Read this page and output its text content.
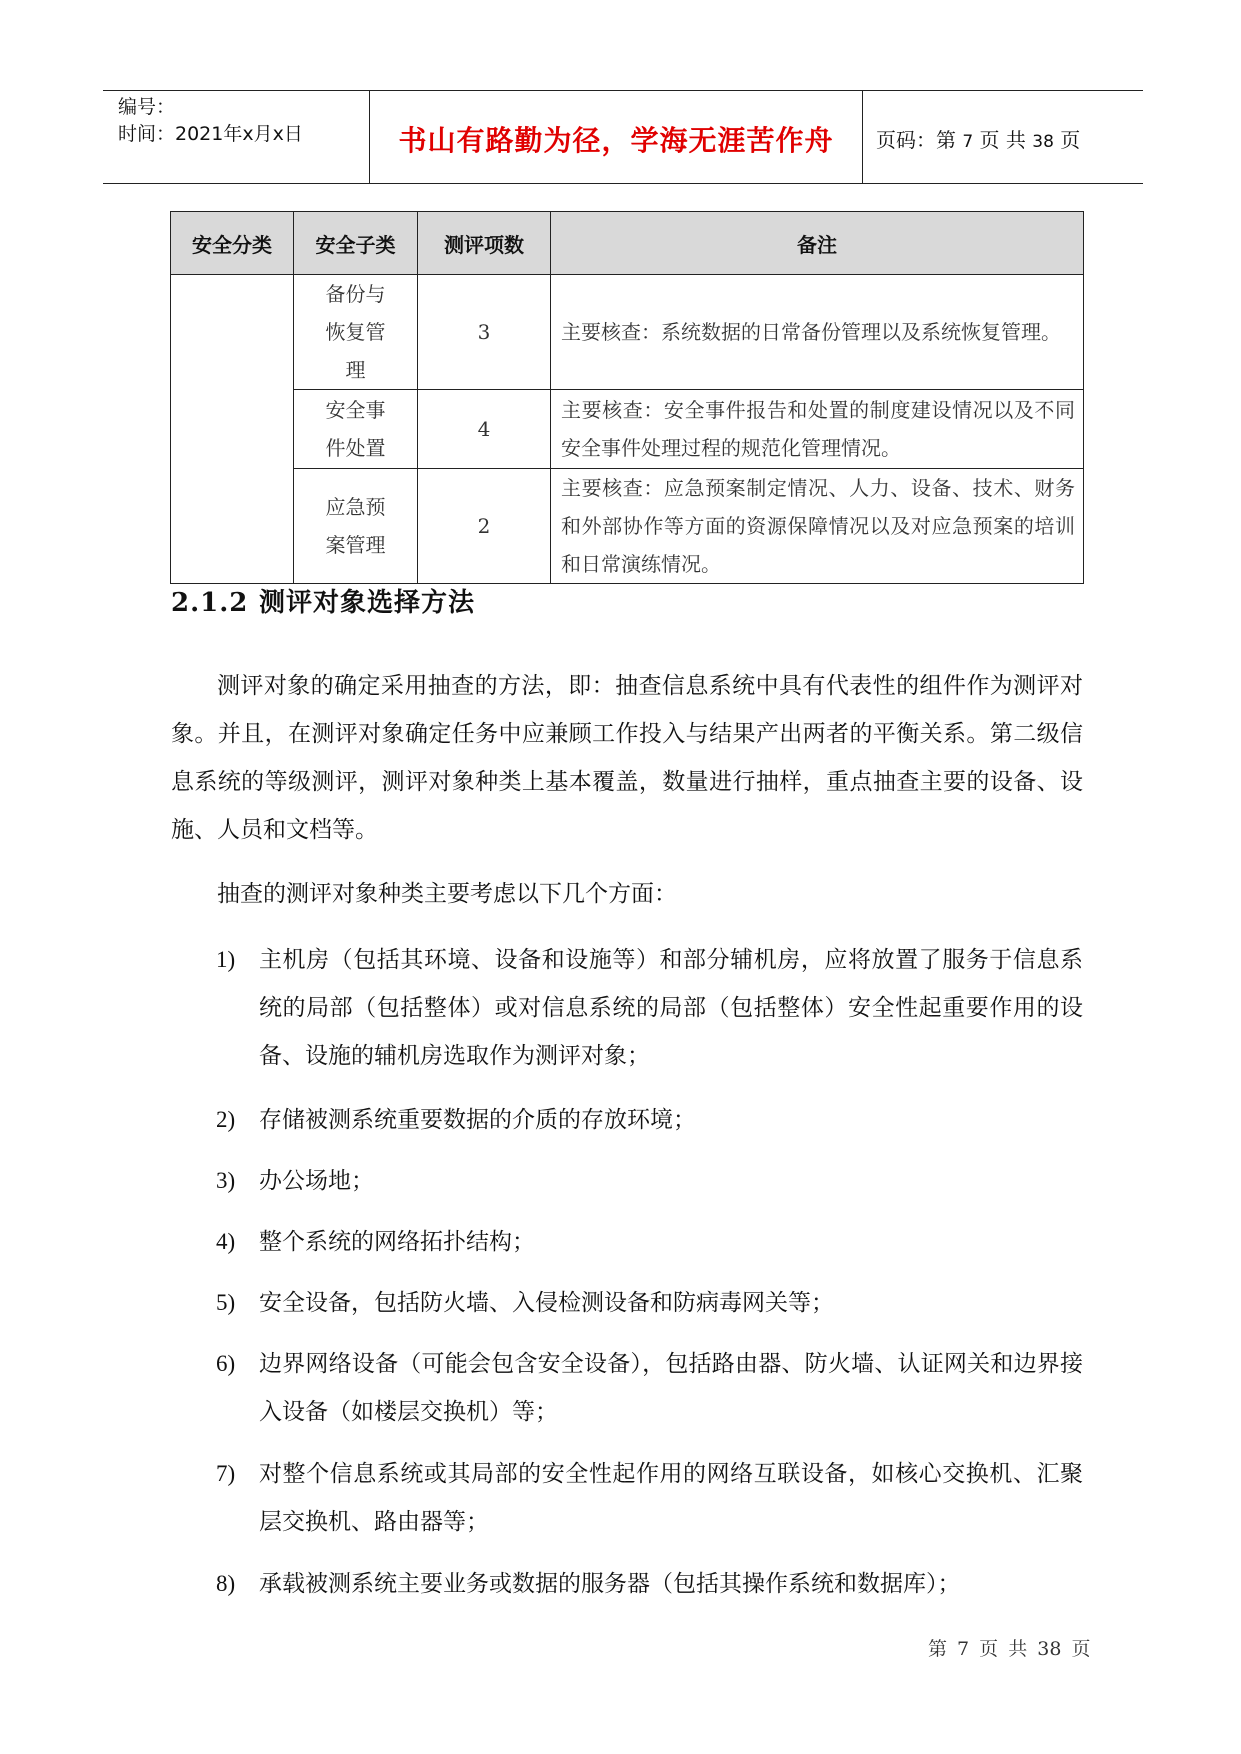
编号：
时间：2021年x月x日	书山有路勤为径，学海无涯苦作舟	页码：第 7 页 共 38 页
安全分类	安全子类	测评项数	备注
	备份与恢复管理	3	主要核查：系统数据的日常备份管理以及系统恢复管理。
	安全事件处置	4	主要核查：安全事件报告和处置的制度建设情况以及不同安全事件处理过程的规范化管理情况。
	应急预案管理	2	主要核查：应急预案制定情况、人力、设备、技术、财务和外部协作等方面的资源保障情况以及对应急预案的培训和日常演练情况。
2.1.2 测评对象选择方法

测评对象的确定采用抽查的方法，即：抽查信息系统中具有代表性的组件作为测评对象。并且，在测评对象确定任务中应兼顾工作投入与结果产出两者的平衡关系。第二级信息系统的等级测评，测评对象种类上基本覆盖，数量进行抽样，重点抽查主要的设备、设施、人员和文档等。

抽查的测评对象种类主要考虑以下几个方面：

1) 主机房（包括其环境、设备和设施等）和部分辅机房，应将放置了服务于信息系统的局部（包括整体）或对信息系统的局部（包括整体）安全性起重要作用的设备、设施的辅机房选取作为测评对象；
2) 存储被测系统重要数据的介质的存放环境；
3) 办公场地；
4) 整个系统的网络拓扑结构；
5) 安全设备，包括防火墙、入侵检测设备和防病毒网关等；
6) 边界网络设备（可能会包含安全设备），包括路由器、防火墙、认证网关和边界接入设备（如楼层交换机）等；
7) 对整个信息系统或其局部的安全性起作用的网络互联设备，如核心交换机、汇聚层交换机、路由器等；
8) 承载被测系统主要业务或数据的服务器（包括其操作系统和数据库）；
第 7 页 共 38 页
